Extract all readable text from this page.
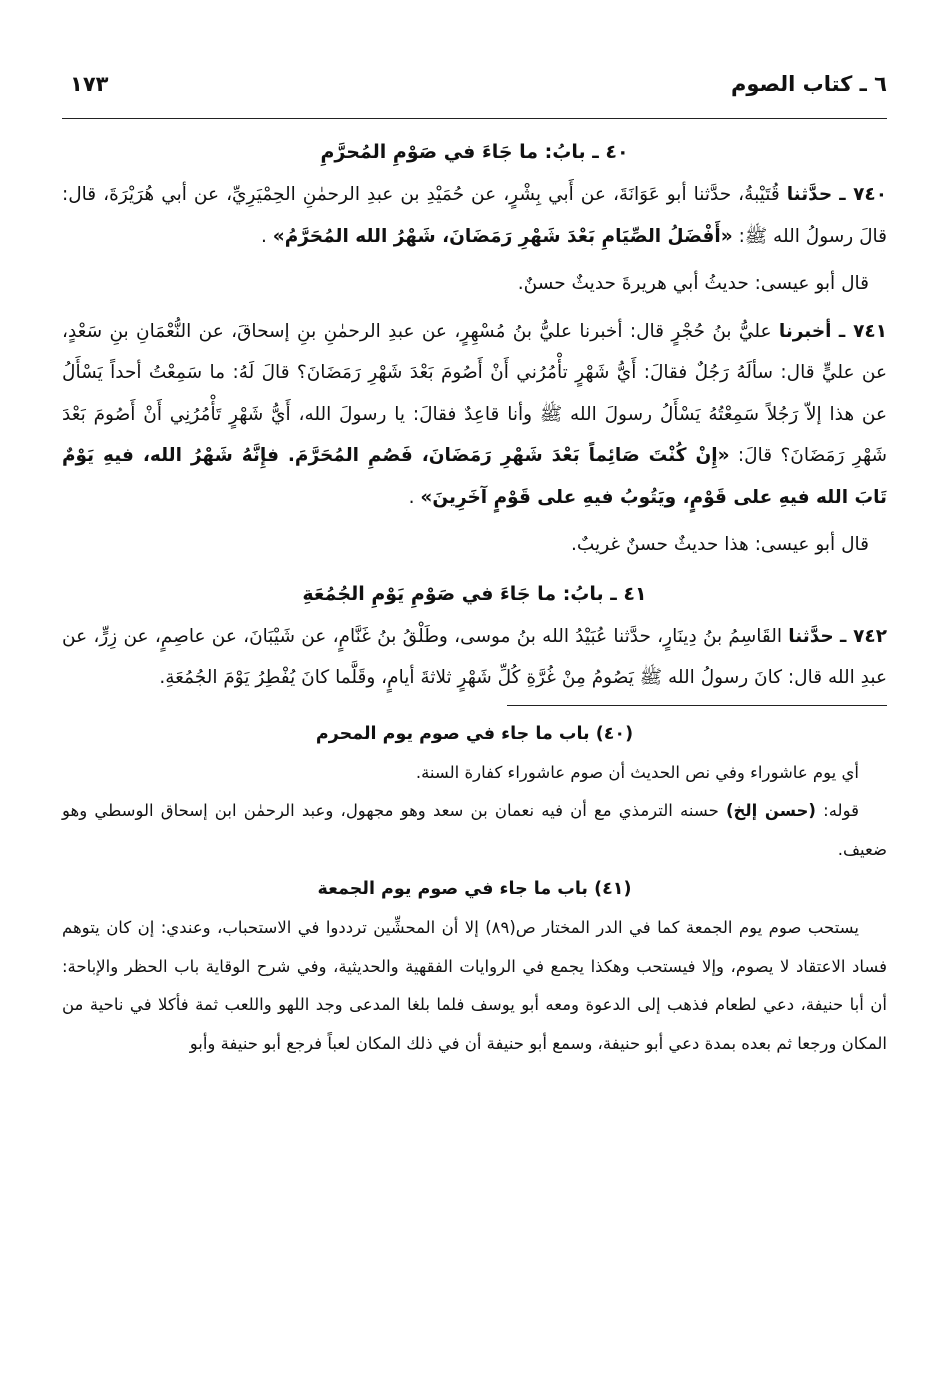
٦ ـ كتاب الصوم
١٧٣
٤٠ ـ بابُ: ما جَاءَ في صَوْمِ المُحرَّمِ

٧٤٠ ـ حدَّثنا قُتَيْبةُ، حدَّثنا أبو عَوَانَةَ، عن أَبي بِشْرٍ، عن حُمَيْدِ بن عبدِ الرحمٰنِ الحِمْيَرِيِّ، عن أبي هُرَيْرَةَ، قال: قالَ رسولُ الله ﷺ: «أَفْضَلُ الصِّيَامِ بَعْدَ شَهْرِ رَمَضَانَ، شَهْرُ الله المُحَرَّمُ» .

قال أبو عيسى: حديثُ أبي هريرةَ حديثٌ حسنٌ.

٧٤١ ـ أخبرنا عليُّ بنُ حُجْرٍ قال: أخبرنا عليُّ بنُ مُسْهِرٍ، عن عبدِ الرحمٰنِ بنِ إسحاقَ، عن النُّعْمَانِ بنِ سَعْدٍ، عن عليٍّ قال: سألَهُ رَجُلٌ فقالَ: أَيُّ شَهْرٍ تأْمُرُني أَنْ أَصُومَ بَعْدَ شَهْرِ رَمَضَانَ؟ قالَ لَهُ: ما سَمِعْتُ أحداً يَسْأَلُ عن هذا إلاّ رَجُلاً سَمِعْتُهُ يَسْأَلُ رسولَ الله ﷺ وأنا قاعِدٌ فقالَ: يا رسولَ الله، أَيُّ شَهْرٍ تَأْمُرُنِي أَنْ أَصُومَ بَعْدَ شَهْرِ رَمَضَانَ؟ قالَ: «إِنْ كُنْتَ صَائِماً بَعْدَ شَهْرِ رَمَضَانَ، فَصُمِ المُحَرَّمَ. فإِنَّهُ شَهْرُ الله، فيهِ يَوْمٌ تَابَ الله فيهِ على قَوْمٍ، ويَتُوبُ فيهِ على قَوْمٍ آخَرِينَ» .

قال أبو عيسى: هذا حديثٌ حسنٌ غريبٌ.

٤١ ـ بابُ: ما جَاءَ في صَوْمِ يَوْمِ الجُمُعَةِ

٧٤٢ ـ حدَّثنا القَاسِمُ بنُ دِينَارٍ، حدَّثنا عُبَيْدُ الله بنُ موسى، وطَلْقُ بنُ غَنَّامٍ، عن شَيْبَانَ، عن عاصِمٍ، عن زِرٍّ، عن عبدِ الله قال: كانَ رسولُ الله ﷺ يَصُومُ مِنْ غُرَّةِ كُلِّ شَهْرٍ ثلاثةَ أيامٍ، وقَلَّما كانَ يُفْطِرُ يَوْمَ الجُمُعَةِ.

(٤٠) باب ما جاء في صوم يوم المحرم

أي يوم عاشوراء وفي نص الحديث أن صوم عاشوراء كفارة السنة.

قوله: (حسن إلخ) حسنه الترمذي مع أن فيه نعمان بن سعد وهو مجهول، وعبد الرحمٰن ابن إسحاق الوسطي وهو ضعيف.

(٤١) باب ما جاء في صوم يوم الجمعة

يستحب صوم يوم الجمعة كما في الدر المختار ص(٨٩) إلا أن المحشِّين ترددوا في الاستحباب، وعندي: إن كان يتوهم فساد الاعتقاد لا يصوم، وإلا فيستحب وهكذا يجمع في الروايات الفقهية والحديثية، وفي شرح الوقاية باب الحظر والإباحة: أن أبا حنيفة، دعي لطعام فذهب إلى الدعوة ومعه أبو يوسف فلما بلغا المدعى وجد اللهو واللعب ثمة فأكلا في ناحية من المكان ورجعا ثم بعده بمدة دعي أبو حنيفة، وسمع أبو حنيفة أن في ذلك المكان لعباً فرجع أبو حنيفة وأبو
